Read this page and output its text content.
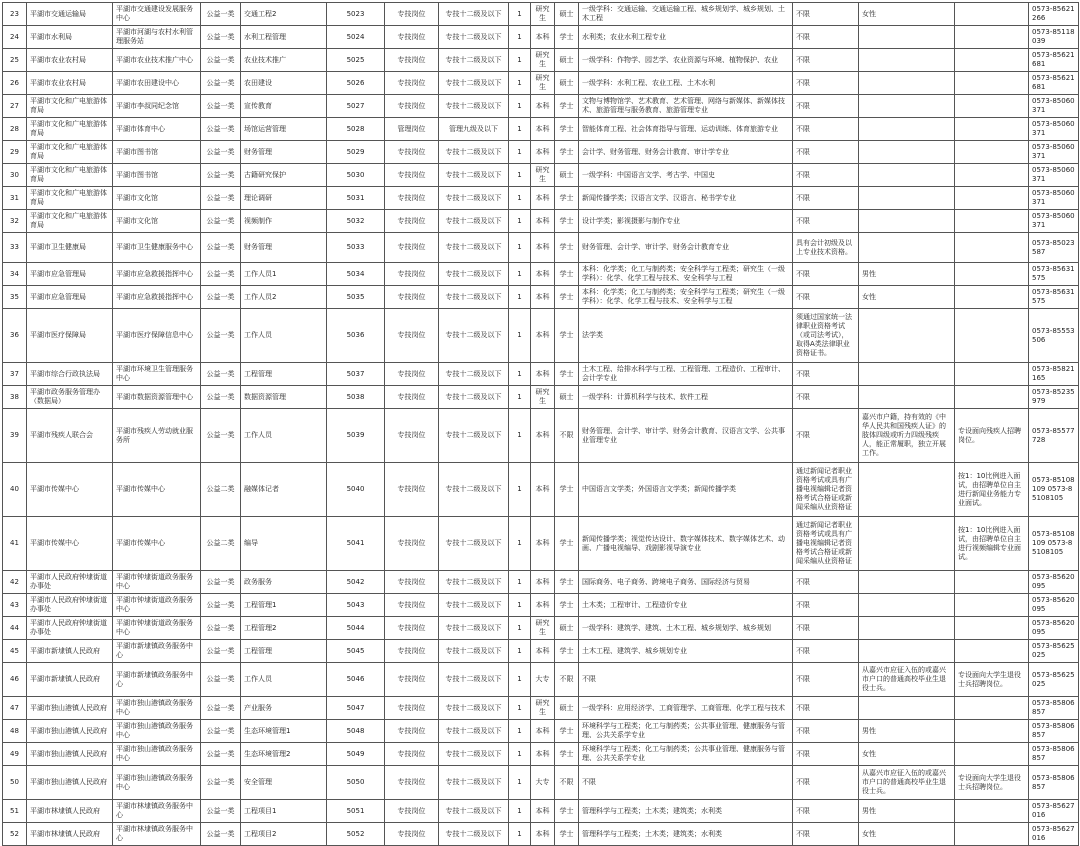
23	平湖市交通运输局	平湖市交通建设发展服务中心	公益一类	交通工程2	5023	专技岗位	专技十二级及以下	1	研究生	硕士	一级学科：交通运输、交通运输工程、城乡规划学、城乡规划、土木工程	不限	女性		0573-85621266
24	平湖市水利局	平湖市河湖与农村水利管理服务站	公益一类	水利工程管理	5024	专技岗位	专技十二级及以下	1	本科	学士	水利类；农业水利工程专业	不限			0573-85118039
25	平湖市农业农村局	平湖市农业技术推广中心	公益一类	农业技术推广	5025	专技岗位	专技十二级及以下	1	研究生	硕士	一级学科：作物学、园艺学、农业资源与环境、植物保护、农业	不限			0573-85621681
26	平湖市农业农村局	平湖市农田建设中心	公益一类	农田建设	5026	专技岗位	专技十二级及以下	1	研究生	硕士	一级学科：水利工程、农业工程、土木水利	不限			0573-85621681
27	平湖市文化和广电旅游体育局	平湖市李叔同纪念馆	公益一类	宣传教育	5027	专技岗位	专技十二级及以下	1	本科	学士	文物与博物馆学、艺术教育、艺术管理、网络与新媒体、新媒体技术、旅游管理与服务教育、旅游管理专业	不限			0573-85060371
28	平湖市文化和广电旅游体育局	平湖市体育中心	公益一类	场馆运营管理	5028	管理岗位	管理九级及以下	1	本科	学士	智能体育工程、社会体育指导与管理、运动训练、体育旅游专业	不限			0573-85060371
29	平湖市文化和广电旅游体育局	平湖市图书馆	公益一类	财务管理	5029	专技岗位	专技十二级及以下	1	本科	学士	会计学、财务管理、财务会计教育、审计学专业	不限			0573-85060371
30	平湖市文化和广电旅游体育局	平湖市图书馆	公益一类	古籍研究保护	5030	专技岗位	专技十二级及以下	1	研究生	硕士	一级学科：中国语言文学、考古学、中国史	不限			0573-85060371
31	平湖市文化和广电旅游体育局	平湖市文化馆	公益一类	理论调研	5031	专技岗位	专技十二级及以下	1	本科	学士	新闻传播学类；汉语言文学、汉语言、秘书学专业	不限			0573-85060371
32	平湖市文化和广电旅游体育局	平湖市文化馆	公益一类	视频制作	5032	专技岗位	专技十二级及以下	1	本科	学士	设计学类；影视摄影与制作专业	不限			0573-85060371
33	平湖市卫生健康局	平湖市卫生健康服务中心	公益一类	财务管理	5033	专技岗位	专技十二级及以下	1	本科	学士	财务管理、会计学、审计学、财务会计教育专业	具有会计初级及以上专业技术资格。			0573-85023587
34	平湖市应急管理局	平湖市应急救援指挥中心	公益一类	工作人员1	5034	专技岗位	专技十二级及以下	1	本科	学士	本科：化学类；化工与制药类；安全科学与工程类；研究生（一级学科）：化学、化学工程与技术、安全科学与工程	不限	男性		0573-85631575
35	平湖市应急管理局	平湖市应急救援指挥中心	公益一类	工作人员2	5035	专技岗位	专技十二级及以下	1	本科	学士	本科：化学类；化工与制药类；安全科学与工程类；研究生（一级学科）：化学、化学工程与技术、安全科学与工程	不限	女性		0573-85631575
36	平湖市医疗保障局	平湖市医疗保障信息中心	公益一类	工作人员	5036	专技岗位	专技十二级及以下	1	本科	学士	法学类	须通过国家统一法律职业资格考试（或司法考试），取得A类法律职业资格证书。			0573-85553506
37	平湖市综合行政执法局	平湖市环境卫生管理服务中心	公益一类	工程管理	5037	专技岗位	专技十二级及以下	1	本科	学士	土木工程、给排水科学与工程、工程管理、工程造价、工程审计、会计学专业	不限			0573-85821165
38	平湖市政务服务管理办（数据局）	平湖市数据资源管理中心	公益一类	数据资源管理	5038	专技岗位	专技十二级及以下	1	研究生	硕士	一级学科：计算机科学与技术、软件工程	不限			0573-85235979
39	平湖市残疾人联合会	平湖市残疾人劳动就业服务所	公益一类	工作人员	5039	专技岗位	专技十二级及以下	1	本科	不限	财务管理、会计学、审计学、财务会计教育、汉语言文学、公共事业管理专业	不限	嘉兴市户籍，持有效的《中华人民共和国残疾人证》的肢体四级或听力四级残疾人，能正常履职，独立开展工作。	专设面向残疾人招聘岗位。	0573-85577728
40	平湖市传媒中心	平湖市传媒中心	公益二类	融媒体记者	5040	专技岗位	专技十二级及以下	1	本科	学士	中国语言文学类；外国语言文学类；新闻传播学类	通过新闻记者职业资格考试或具有广播电视编辑记者资格考试合格证或新闻采编从业资格证		按1：10比例进入面试，由招聘单位自主进行新闻业务能力专业面试。	0573-85108109 0573-85108105
41	平湖市传媒中心	平湖市传媒中心	公益二类	编导	5041	专技岗位	专技十二级及以下	1	本科	学士	新闻传播学类；视觉传达设计、数字媒体技术、数字媒体艺术、动画、广播电视编导、戏剧影视导演专业	通过新闻记者职业资格考试或具有广播电视编辑记者资格考试合格证或新闻采编从业资格证		按1：10比例进入面试，由招聘单位自主进行视频编辑专业面试。	0573-85108109 0573-85108105
42	平湖市人民政府钟埭街道办事处	平湖市钟埭街道政务服务中心	公益一类	政务服务	5042	专技岗位	专技十二级及以下	1	本科	学士	国际商务、电子商务、跨境电子商务、国际经济与贸易	不限			0573-85620095
43	平湖市人民政府钟埭街道办事处	平湖市钟埭街道政务服务中心	公益一类	工程管理1	5043	专技岗位	专技十二级及以下	1	本科	学士	土木类；工程审计、工程造价专业	不限			0573-85620095
44	平湖市人民政府钟埭街道办事处	平湖市钟埭街道政务服务中心	公益一类	工程管理2	5044	专技岗位	专技十二级及以下	1	研究生	硕士	一级学科：建筑学、建筑、土木工程、城乡规划学、城乡规划	不限			0573-85620095
45	平湖市新埭镇人民政府	平湖市新埭镇政务服务中心	公益一类	工程管理	5045	专技岗位	专技十二级及以下	1	本科	学士	土木工程、建筑学、城乡规划专业	不限			0573-85625025
46	平湖市新埭镇人民政府	平湖市新埭镇政务服务中心	公益一类	工作人员	5046	专技岗位	专技十二级及以下	1	大专	不限	不限	不限	从嘉兴市应征入伍的或嘉兴市户口的普通高校毕业生退役士兵。	专设面向大学生退役士兵招聘岗位。	0573-85625025
47	平湖市独山港镇人民政府	平湖市独山港镇政务服务中心	公益一类	产业服务	5047	专技岗位	专技十二级及以下	1	研究生	硕士	一级学科：应用经济学、工商管理学、工商管理、化学工程与技术	不限			0573-85806857
48	平湖市独山港镇人民政府	平湖市独山港镇政务服务中心	公益一类	生态环境管理1	5048	专技岗位	专技十二级及以下	1	本科	学士	环境科学与工程类；化工与制药类；公共事业管理、健康服务与管理、公共关系学专业	不限	男性		0573-85806857
49	平湖市独山港镇人民政府	平湖市独山港镇政务服务中心	公益一类	生态环境管理2	5049	专技岗位	专技十二级及以下	1	本科	学士	环境科学与工程类；化工与制药类；公共事业管理、健康服务与管理、公共关系学专业	不限	女性		0573-85806857
50	平湖市独山港镇人民政府	平湖市独山港镇政务服务中心	公益一类	安全管理	5050	专技岗位	专技十二级及以下	1	大专	不限	不限	不限	从嘉兴市应征入伍的或嘉兴市户口的普通高校毕业生退役士兵。	专设面向大学生退役士兵招聘岗位。	0573-85806857
51	平湖市林埭镇人民政府	平湖市林埭镇政务服务中心	公益一类	工程项目1	5051	专技岗位	专技十二级及以下	1	本科	学士	管理科学与工程类；土木类；建筑类；水利类	不限	男性		0573-85627016
52	平湖市林埭镇人民政府	平湖市林埭镇政务服务中心	公益一类	工程项目2	5052	专技岗位	专技十二级及以下	1	本科	学士	管理科学与工程类；土木类；建筑类；水利类	不限	女性		0573-85627016
